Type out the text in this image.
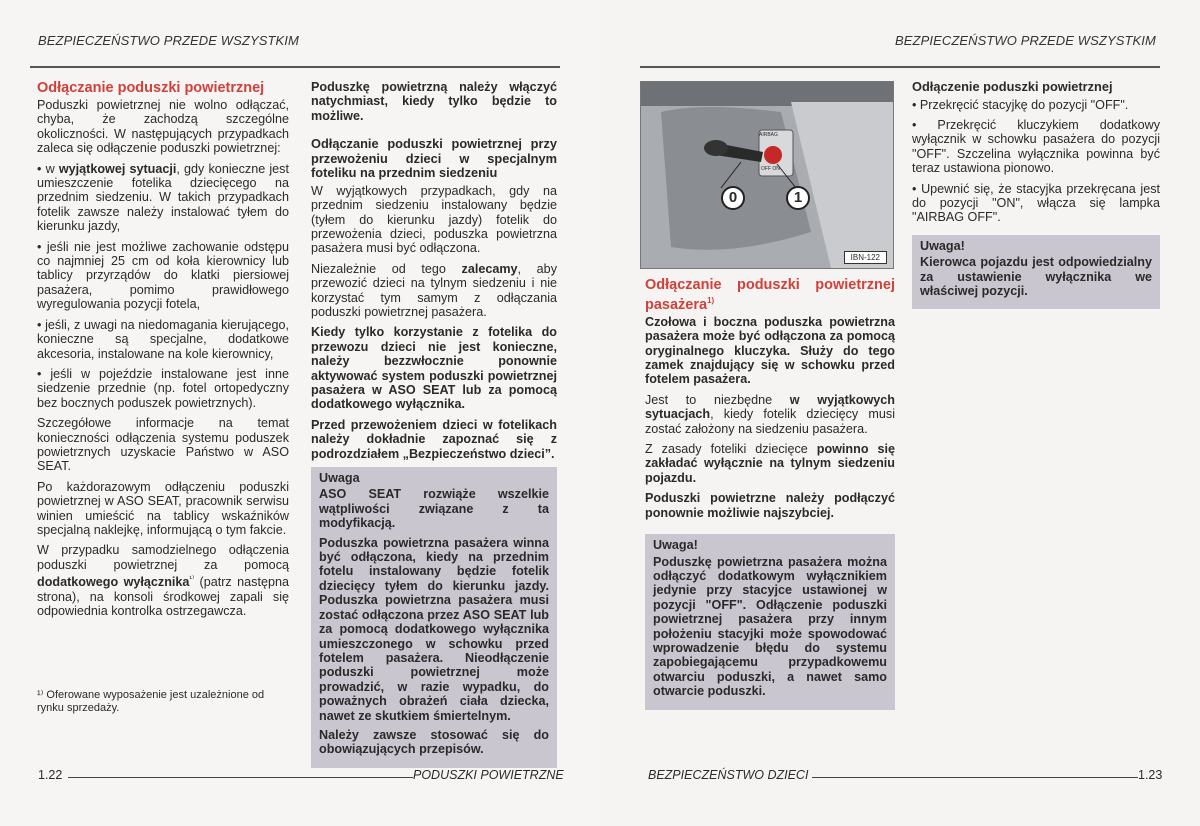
BEZPIECZEŃSTWO PRZEDE WSZYSTKIM
Odłączanie poduszki powietrznej

Poduszki powietrznej nie wolno odłączać, chyba, że zachodzą szczególne okoliczności. W następujących przypadkach zaleca się odłączenie poduszki powietrznej:

• w wyjątkowej sytuacji, gdy konieczne jest umieszczenie fotelika dziecięcego na przednim siedzeniu. W takich przypadkach fotelik zawsze należy instalować tyłem do kierunku jazdy,

• jeśli nie jest możliwe zachowanie odstępu co najmniej 25 cm od koła kierownicy lub tablicy przyrządów do klatki piersiowej pasażera, pomimo prawidłowego wyregulowania pozycji fotela,

• jeśli, z uwagi na niedomagania kierującego, konieczne są specjalne, dodatkowe akcesoria, instalowane na kole kierownicy,

• jeśli w pojeździe instalowane jest inne siedzenie przednie (np. fotel ortopedyczny bez bocznych poduszek powietrznych).

Szczegółowe informacje na temat konieczności odłączenia systemu poduszek powietrznych uzyskacie Państwo w ASO SEAT.

Po każdorazowym odłączeniu poduszki powietrznej w ASO SEAT, pracownik serwisu winien umieścić na tablicy wskaźników specjalną naklejkę, informującą o tym fakcie.

W przypadku samodzielnego odłączenia poduszki powietrznej za pomocą dodatkowego wyłącznika$^{^{1)}}$ (patrz następna strona), na konsoli środkowej zapali się odpowiednia kontrolka ostrzegawcza.

¹⁾ Oferowane wyposażenie jest uzależnione od rynku sprzedaży.

Poduszkę powietrzną należy włączyć natychmiast, kiedy tylko będzie to możliwe.

Odłączanie poduszki powietrznej przy przewożeniu dzieci w specjalnym foteliku na przednim siedzeniu

W wyjątkowych przypadkach, gdy na przednim siedzeniu instalowany będzie (tyłem do kierunku jazdy) fotelik do przewożenia dzieci, poduszka powietrzna pasażera musi być odłączona.

Niezależnie od tego zalecamy, aby przewozić dzieci na tylnym siedzeniu i nie korzystać tym samym z odłączania poduszki powietrznej pasażera.

Kiedy tylko korzystanie z fotelika do przewozu dzieci nie jest konieczne, należy bezzwłocznie ponownie aktywować system poduszki powietrznej pasażera w ASO SEAT lub za pomocą dodatkowego wyłącznika.

Przed przewożeniem dzieci w fotelikach należy dokładnie zapoznać się z podrozdziałem „Bezpieczeństwo dzieci”.

Uwaga

ASO SEAT rozwiąże wszelkie wątpliwości związane z ta modyfikacją.

Poduszka powietrzna pasażera winna być odłączona, kiedy na przednim fotelu instalowany będzie fotelik dziecięcy tyłem do kierunku jazdy. Poduszka powietrzna pasażera musi zostać odłączona przez ASO SEAT lub za pomocą dodatkowego wyłącznika umieszczonego w schowku przed fotelem pasażera. Nieodłączenie poduszki powietrznej może prowadzić, w razie wypadku, do poważnych obrażeń ciała dziecka, nawet ze skutkiem śmiertelnym.

Należy zawsze stosować się do obowiązujących przepisów.

1.22	PODUSZKI POWIETRZNE
BEZPIECZEŃSTWO PRZEDE WSZYSTKIM
BEZPIECZEŃSTWO DZIECI	1.23
AIRBAG
OFF ON
0	1
IBN-122
Odłączanie poduszki powietrznej pasażera$^{1)}$

Czołowa i boczna poduszka powietrzna pasażera może być odłączona za pomocą oryginalnego kluczyka. Służy do tego zamek znajdujący się w schowku przed fotelem pasażera.

Jest to niezbędne w wyjątkowych sytuacjach, kiedy fotelik dziecięcy musi zostać założony na siedzeniu pasażera.

Z zasady foteliki dziecięce powinno się zakładać wyłącznie na tylnym siedzeniu pojazdu.

Poduszki powietrzne należy podłączyć ponownie możliwie najszybciej.

Uwaga!

Poduszkę powietrzna pasażera można odłączyć dodatkowym wyłącznikiem jedynie przy stacyjce ustawionej w pozycji "OFF". Odłączenie poduszki powietrznej pasażera przy innym położeniu stacyjki może spowodować wprowadzenie błędu do systemu zapobiegającemu przypadkowemu otwarciu poduszki, a nawet samo otwarcie poduszki.

Odłączenie poduszki powietrznej

• Przekręcić stacyjkę do pozycji "OFF".

• Przekręcić kluczykiem dodatkowy wyłącznik w schowku pasażera do pozycji "OFF". Szczelina wyłącznika powinna być teraz ustawiona pionowo.

• Upewnić się, że stacyjka przekręcana jest do pozycji "ON", włącza się lampka "AIRBAG OFF".

Uwaga!

Kierowca pojazdu jest odpowiedzialny za ustawienie wyłącznika we właściwej pozycji.
